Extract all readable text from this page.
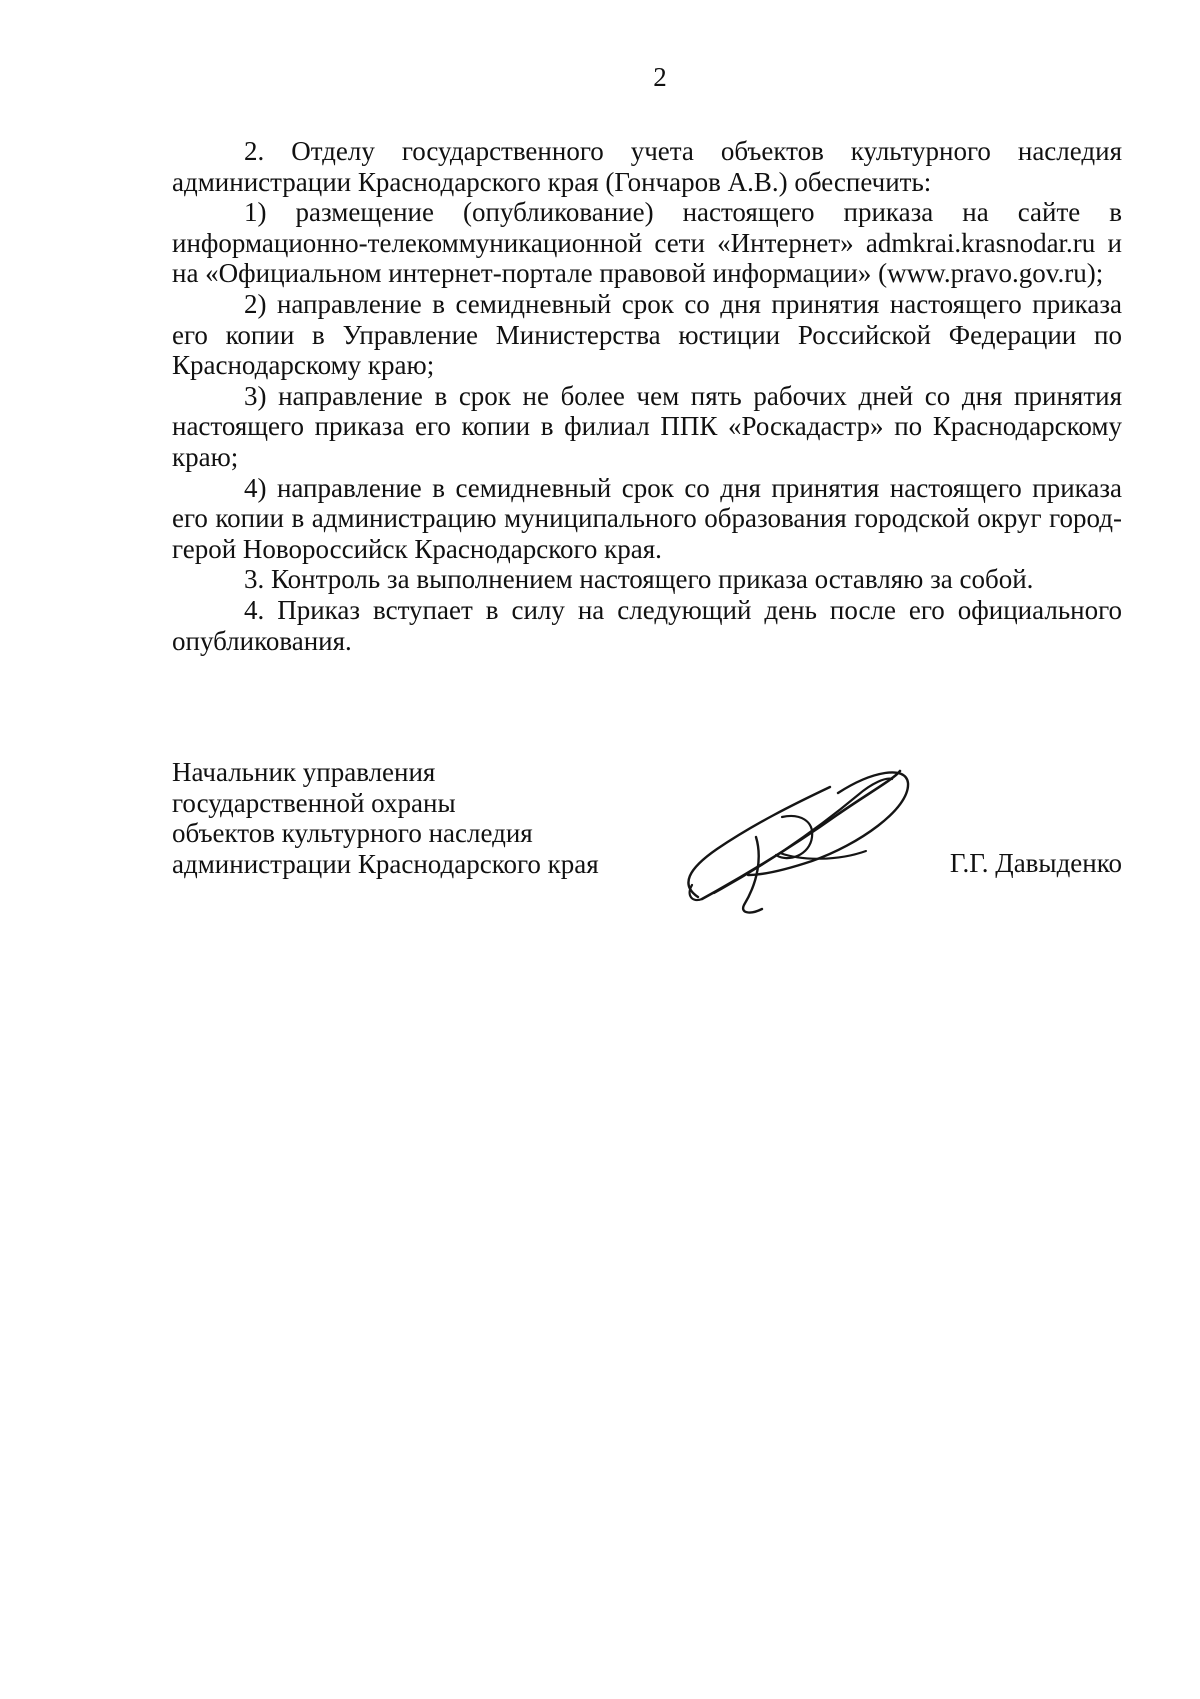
2

2. Отделу государственного учета объектов культурного наследия администрации Краснодарского края (Гончаров А.В.) обеспечить:

1) размещение (опубликование) настоящего приказа на сайте в информационно-телекоммуникационной сети «Интернет» admkrai.krasnodar.ru и на «Официальном интернет-портале правовой информации» (www.pravo.gov.ru);

2) направление в семидневный срок со дня принятия настоящего приказа его копии в Управление Министерства юстиции Российской Федерации по Краснодарскому краю;

3) направление в срок не более чем пять рабочих дней со дня принятия настоящего приказа его копии в филиал ППК «Роскадастр» по Краснодарскому краю;

4) направление в семидневный срок со дня принятия настоящего приказа его копии в администрацию муниципального образования городской округ город-герой Новороссийск Краснодарского края.

3. Контроль за выполнением настоящего приказа оставляю за собой.

4. Приказ вступает в силу на следующий день после его официального опубликования.

Начальник управления
государственной охраны
объектов культурного наследия
администрации Краснодарского края	Г.Г. Давыденко
